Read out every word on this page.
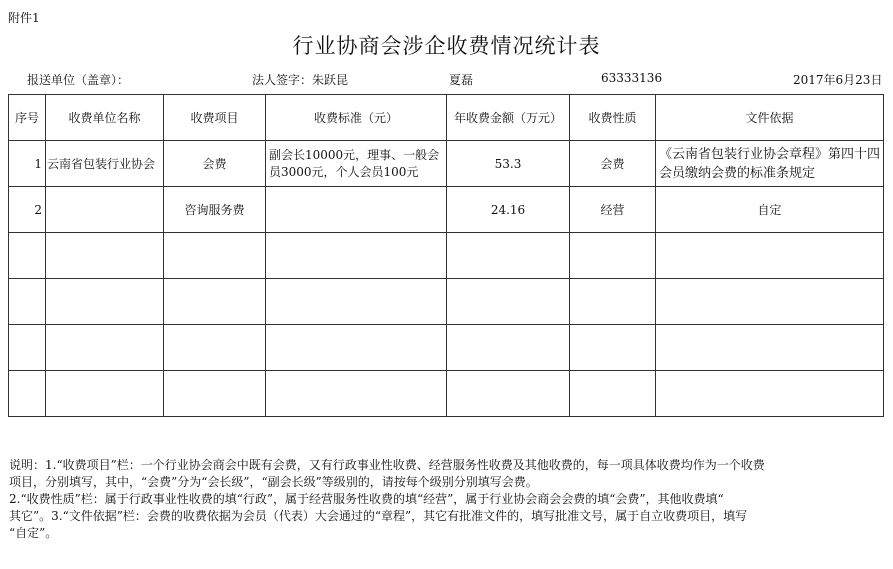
附件1
行业协商会涉企收费情况统计表
报送单位（盖章）：	法人签字：朱跃昆	夏磊	63333136	2017年6月23日
序号	收费单位名称	收费项目	收费标准（元）	年收费金额（万元）	收费性质	文件依据
1	云南省包装行业协会	会费	副会长10000元，理事、一般会员3000元，个人会员100元	53.3	会费	《云南省包装行业协会章程》第四十四会员缴纳会费的标准条规定
2		咨询服务费		24.16	经营	自定

说明：1.“收费项目”栏：一个行业协会商会中既有会费，又有行政事业性收费、经营服务性收费及其他收费的，每一项具体收费均作为一个收费
项目，分别填写，其中，“会费”分为“会长级”，“副会长级”等级别的，请按每个级别分别填写会费。
2.“收费性质”栏：属于行政事业性收费的填“行政”，属于经营服务性收费的填“经营”，属于行业协会商会会费的填“会费”，其他收费填“
其它”。3.“文件依据”栏：会费的收费依据为会员（代表）大会通过的“章程”，其它有批准文件的，填写批准文号，属于自立收费项目，填写
“自定”。
